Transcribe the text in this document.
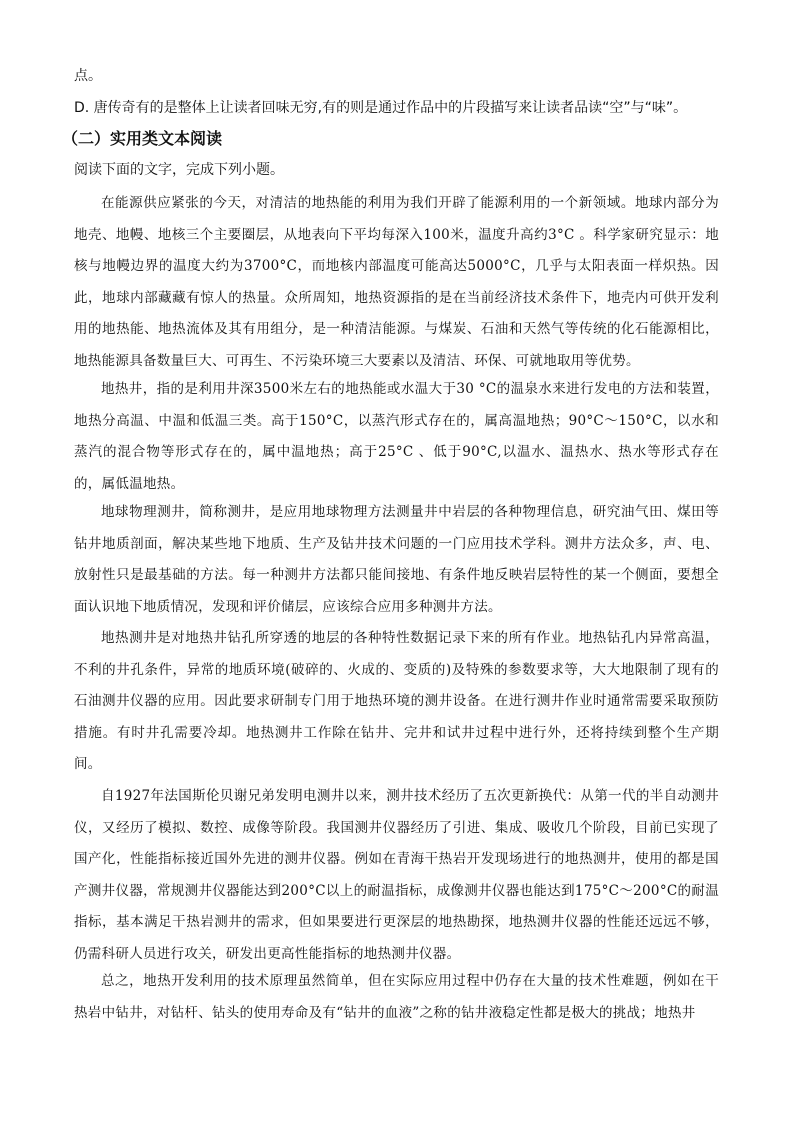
点。

D. 唐传奇有的是整体上让读者回味无穷,有的则是通过作品中的片段描写来让读者品读“空”与“味”。

（二）实用类文本阅读

阅读下面的文字，完成下列小题。

在能源供应紧张的今天，对清洁的地热能的利用为我们开辟了能源利用的一个新领域。地球内部分为地壳、地幔、地核三个主要圈层，从地表向下平均每深入100米，温度升高约3°C 。科学家研究显示：地核与地幔边界的温度大约为3700°C，而地核内部温度可能高达5000°C，几乎与太阳表面一样炽热。因此，地球内部藏藏有惊人的热量。众所周知，地热资源指的是在当前经济技术条件下，地壳内可供开发利用的地热能、地热流体及其有用组分，是一种清洁能源。与煤炭、石油和天然气等传统的化石能源相比，地热能源具备数量巨大、可再生、不污染环境三大要素以及清洁、环保、可就地取用等优势。

地热井，指的是利用井深3500米左右的地热能或水温大于30 °C的温泉水来进行发电的方法和装置，地热分高温、中温和低温三类。高于150°C，以蒸汽形式存在的，属高温地热；90°C～150°C，以水和蒸汽的混合物等形式存在的，属中温地热；高于25°C 、低于90°C,以温水、温热水、热水等形式存在的，属低温地热。

地球物理测井，简称测井，是应用地球物理方法测量井中岩层的各种物理信息，研究油气田、煤田等钻井地质剖面，解决某些地下地质、生产及钻井技术问题的一门应用技术学科。测井方法众多，声、电、放射性只是最基础的方法。每一种测井方法都只能间接地、有条件地反映岩层特性的某一个侧面，要想全面认识地下地质情况，发现和评价储层，应该综合应用多种测井方法。

地热测井是对地热井钻孔所穿透的地层的各种特性数据记录下来的所有作业。地热钻孔内异常高温，不利的井孔条件，异常的地质环境(破碎的、火成的、变质的)及特殊的参数要求等，大大地限制了现有的石油测井仪器的应用。因此要求研制专门用于地热环境的测井设备。在进行测井作业时通常需要采取预防措施。有时井孔需要冷却。地热测井工作除在钻井、完井和试井过程中进行外，还将持续到整个生产期间。

自1927年法国斯伦贝谢兄弟发明电测井以来，测井技术经历了五次更新换代：从第一代的半自动测井仪，又经历了模拟、数控、成像等阶段。我国测井仪器经历了引进、集成、吸收几个阶段，目前已实现了国产化，性能指标接近国外先进的测井仪器。例如在青海干热岩开发现场进行的地热测井，使用的都是国产测井仪器，常规测井仪器能达到200°C以上的耐温指标，成像测井仪器也能达到175°C～200°C的耐温指标，基本满足干热岩测井的需求，但如果要进行更深层的地热勘探，地热测井仪器的性能还远远不够，仍需科研人员进行攻关，研发出更高性能指标的地热测井仪器。

总之，地热开发利用的技术原理虽然简单，但在实际应用过程中仍存在大量的技术性难题，例如在干热岩中钻井，对钻杆、钻头的使用寿命及有“钻井的血液”之称的钻井液稳定性都是极大的挑战；地热井
